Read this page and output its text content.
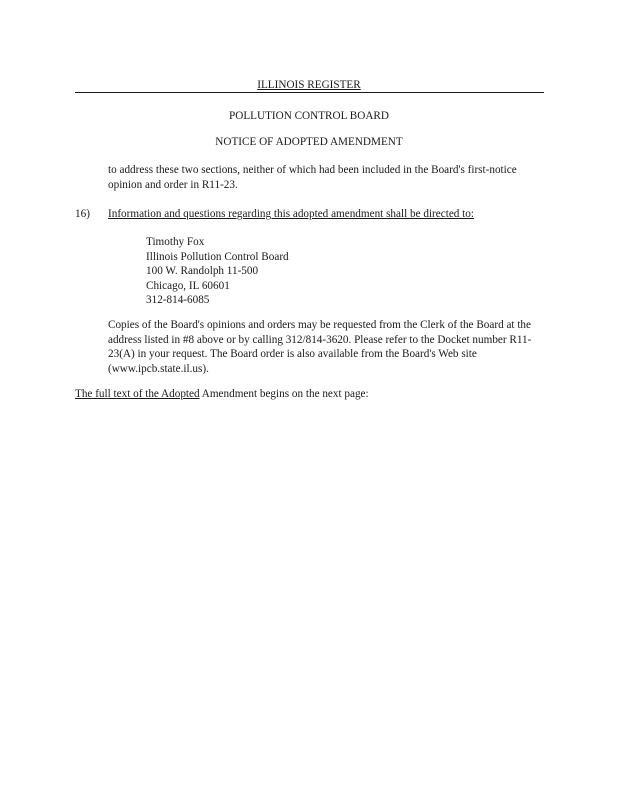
ILLINOIS REGISTER
POLLUTION CONTROL BOARD
NOTICE OF ADOPTED AMENDMENT

to address these two sections, neither of which had been included in the Board's first-notice opinion and order in R11-23.

16) Information and questions regarding this adopted amendment shall be directed to:
Timothy Fox
Illinois Pollution Control Board
100 W. Randolph 11-500
Chicago, IL 60601
312-814-6085

Copies of the Board's opinions and orders may be requested from the Clerk of the Board at the address listed in #8 above or by calling 312/814-3620. Please refer to the Docket number R11-23(A) in your request. The Board order is also available from the Board's Web site (www.ipcb.state.il.us).

The full text of the Adopted Amendment begins on the next page:
